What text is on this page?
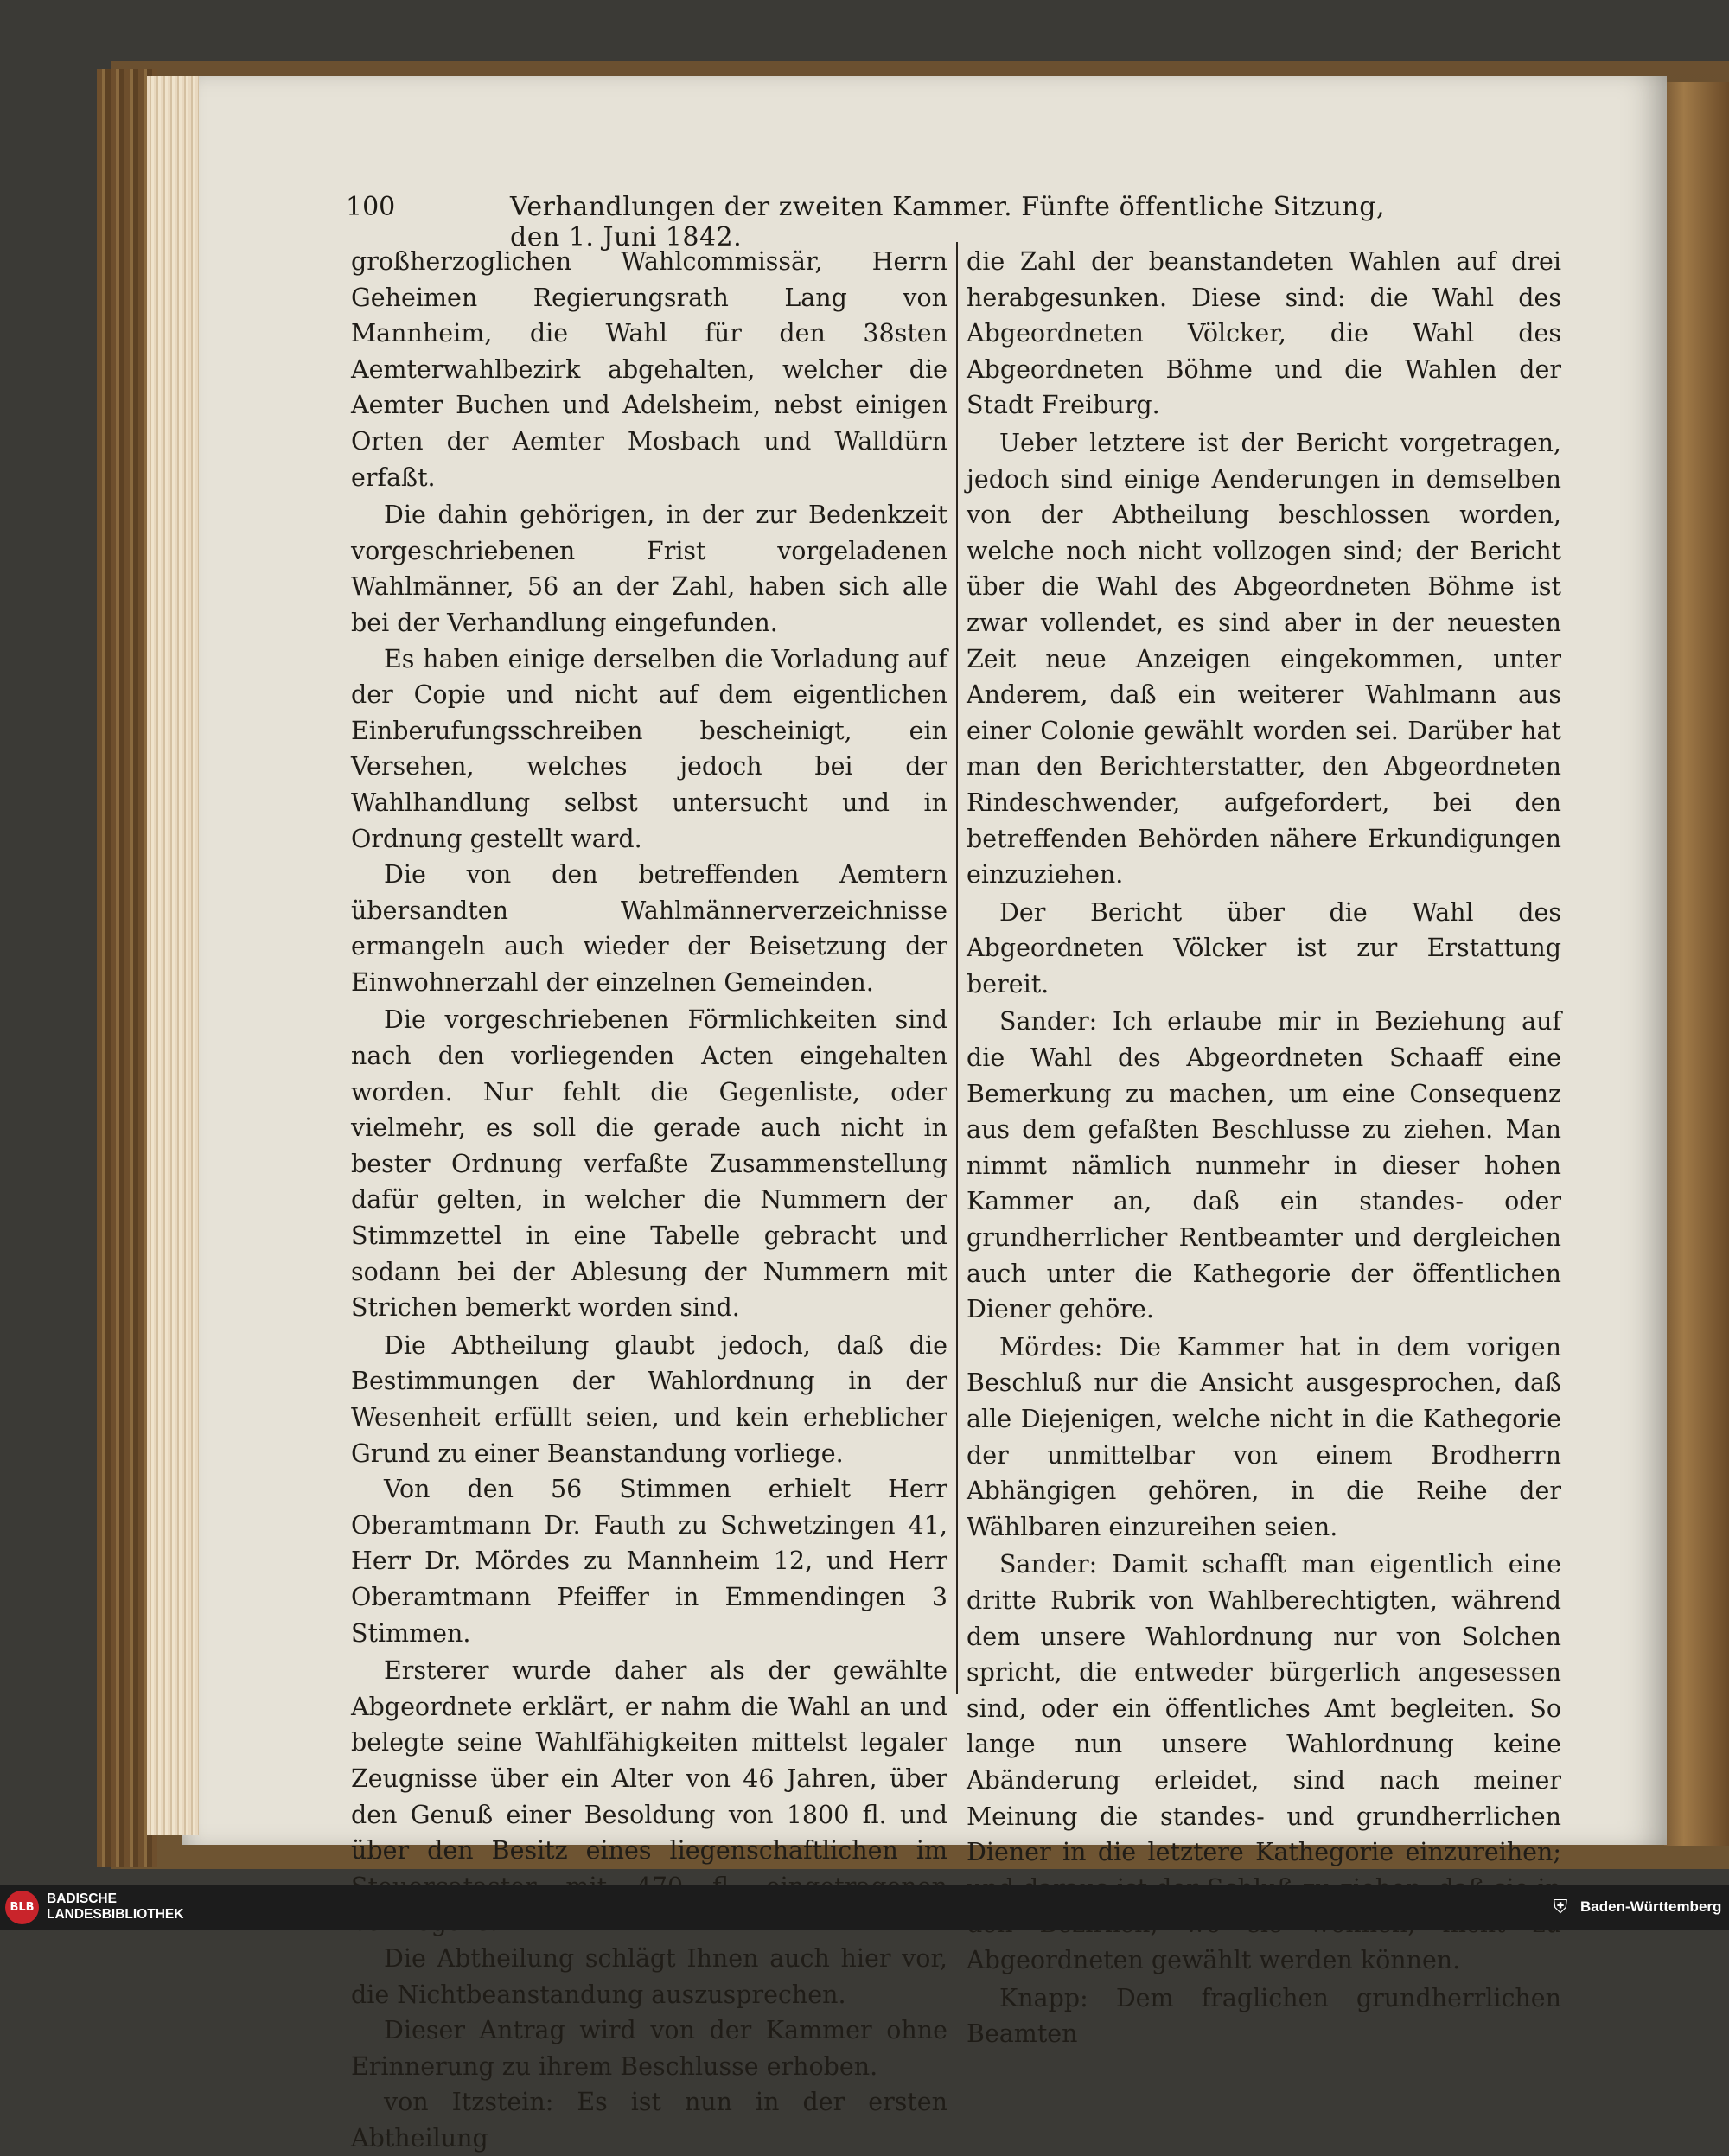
100	Verhandlungen der zweiten Kammer. Fünfte öffentliche Sitzung, den 1. Juni 1842.

großherzoglichen Wahlcommissär, Herrn Geheimen Regierungsrath Lang von Mannheim, die Wahl für den 38sten Aemterwahlbezirk abgehalten, welcher die Aemter Buchen und Adelsheim, nebst einigen Orten der Aemter Mosbach und Walldürn erfaßt.

Die dahin gehörigen, in der zur Bedenkzeit vorgeschriebenen Frist vorgeladenen Wahlmänner, 56 an der Zahl, haben sich alle bei der Verhandlung eingefunden.

Es haben einige derselben die Vorladung auf der Copie und nicht auf dem eigentlichen Einberufungsschreiben bescheinigt, ein Versehen, welches jedoch bei der Wahlhandlung selbst untersucht und in Ordnung gestellt ward.

Die von den betreffenden Aemtern übersandten Wahlmännerverzeichnisse ermangeln auch wieder der Beisetzung der Einwohnerzahl der einzelnen Gemeinden.

Die vorgeschriebenen Förmlichkeiten sind nach den vorliegenden Acten eingehalten worden. Nur fehlt die Gegenliste, oder vielmehr, es soll die gerade auch nicht in bester Ordnung verfaßte Zusammenstellung dafür gelten, in welcher die Nummern der Stimmzettel in eine Tabelle gebracht und sodann bei der Ablesung der Nummern mit Strichen bemerkt worden sind.

Die Abtheilung glaubt jedoch, daß die Bestimmungen der Wahlordnung in der Wesenheit erfüllt seien, und kein erheblicher Grund zu einer Beanstandung vorliege.

Von den 56 Stimmen erhielt Herr Oberamtmann Dr. Fauth zu Schwetzingen 41, Herr Dr. Mördes zu Mannheim 12, und Herr Oberamtmann Pfeiffer in Emmendingen 3 Stimmen.

Ersterer wurde daher als der gewählte Abgeordnete erklärt, er nahm die Wahl an und belegte seine Wahlfähigkeiten mittelst legaler Zeugnisse über ein Alter von 46 Jahren, über den Genuß einer Besoldung von 1800 fl. und über den Besitz eines liegenschaftlichen im

Die Abtheilung schlägt Ihnen auch hier vor, die Nichtbeanstandung auszusprechen.

Dieser Antrag wird von der Kammer ohne Erinnerung zu ihrem Beschlusse erhoben.

von Itzstein: Es ist nun in der ersten Abtheilung

die Zahl der beanstandeten Wahlen auf drei herabgesunken. Diese sind: die Wahl des Abgeordneten Völcker, die Wahl des Abgeordneten Böhme und die Wahlen der Stadt Freiburg.

Ueber letztere ist der Bericht vorgetragen, jedoch sind einige Aenderungen in demselben von der Abtheilung beschlossen worden, welche noch nicht vollzogen sind; der Bericht über die Wahl des Abgeordneten Böhme ist zwar vollendet, es sind aber in der neuesten Zeit neue Anzeigen eingekommen, unter Anderem, daß ein weiterer Wahlmann aus einer Colonie gewählt worden sei. Darüber hat man den Berichterstatter, den Abgeordneten Rindeschwender, aufgefordert, bei den betreffenden Behörden nähere Erkundigungen einzuziehen.

Der Bericht über die Wahl des Abgeordneten Völcker ist zur Erstattung bereit.

Sander: Ich erlaube mir in Beziehung auf die Wahl des Abgeordneten Schaaff eine Bemerkung zu machen, um eine Consequenz aus dem gefaßten Beschlusse zu ziehen. Man nimmt nämlich nunmehr in dieser hohen Kammer an, daß ein standes- oder grundherrlicher Rentbeamter und dergleichen auch unter die Kathegorie der öffentlichen Diener gehöre.

Mördes: Die Kammer hat in dem vorigen Beschluß nur die Ansicht ausgesprochen, daß alle Diejenigen, welche nicht in die Kathegorie der unmittelbar von einem Brodherrn Abhängigen gehören, in die Reihe der Wählbaren einzureihen seien.

Sander: Damit schafft man eigentlich eine dritte Rubrik von Wahlberechtigten, während dem unsere Wahlordnung nur von Solchen spricht, die entweder bürgerlich angesessen sind, oder ein öffentliches Amt begleiten. So lange nun unsere Wahlordnung keine Abänderung erleidet, sind nach meiner Meinung die standes- und grundherrlichen Diener in die letztere Kathegorie einzureihen; Abgeordneten gewählt werden können.

Knapp: Dem fraglichen grundherrlichen Beamten

BLB
BADISCHE
LANDESBIBLIOTHEK	⛨ Baden-Württemberg
